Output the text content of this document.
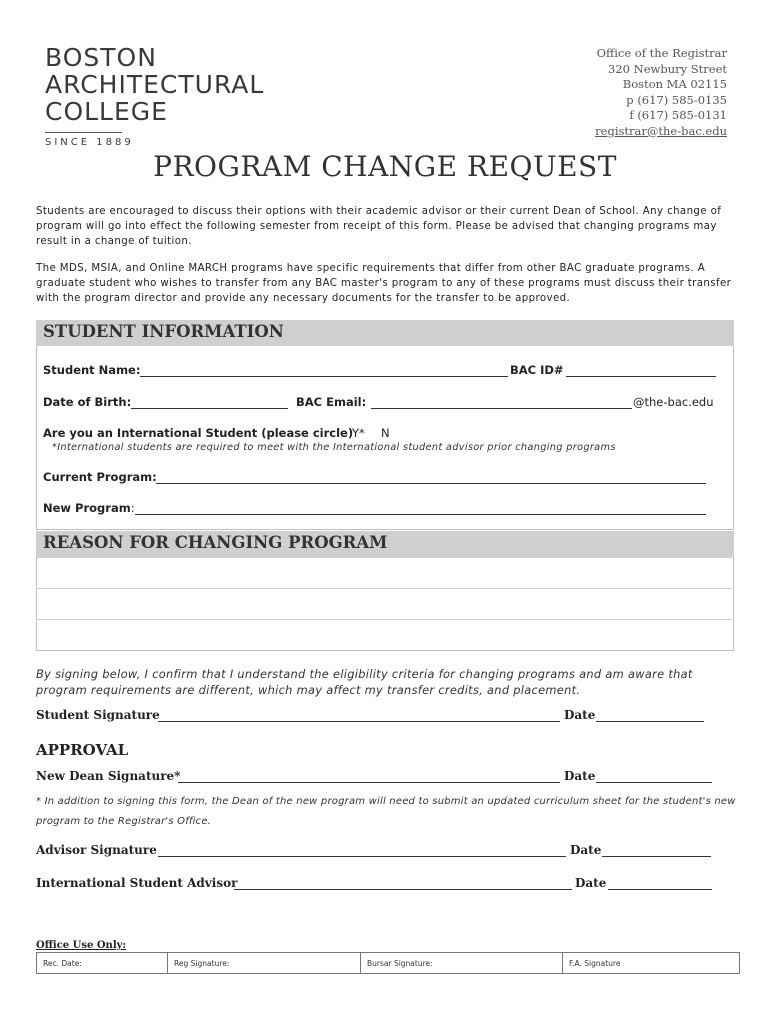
BOSTON
ARCHITECTURAL
COLLEGE
SINCE 1889
Office of the Registrar
320 Newbury Street
Boston MA 02115
p (617) 585-0135
f (617) 585-0131
registrar@the-bac.edu
PROGRAM CHANGE REQUEST
Students are encouraged to discuss their options with their academic advisor or their current Dean of School. Any change of program will go into effect the following semester from receipt of this form. Please be advised that changing programs may result in a change of tuition.
The MDS, MSIA, and Online MARCH programs have specific requirements that differ from other BAC graduate programs. A graduate student who wishes to transfer from any BAC master's program to any of these programs must discuss their transfer with the program director and provide any necessary documents for the transfer to be approved.
STUDENT INFORMATION
Student Name:	BAC ID#
Date of Birth:	BAC Email:	@the-bac.edu
Are you an International Student (please circle)
Y* N
*International students are required to meet with the International student advisor prior changing programs
Current Program:
New Program:
REASON FOR CHANGING PROGRAM
By signing below, I confirm that I understand the eligibility criteria for changing programs and am aware that program requirements are different, which may affect my transfer credits, and placement.
Student Signature	Date
APPROVAL
New Dean Signature*	Date
* In addition to signing this form, the Dean of the new program will need to submit an updated curriculum sheet for the student's new program to the Registrar's Office.
Advisor Signature	Date
International Student Advisor	Date
Office Use Only:
Rec. Date:	Reg Signature:	Bursar Signature:	F.A. Signature
